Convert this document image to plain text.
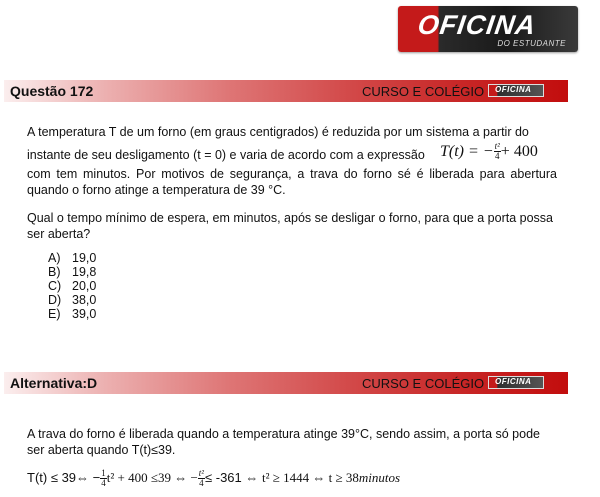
OFICINA
DO ESTUDANTE
Questão 172	CURSO E COLÉGIO OFICINA

A temperatura T de um forno (em graus centigrados) é reduzida por um sistema a partir do

instante de seu desligamento (t = 0) e varia de acordo com a expressão T(t) = − $\frac{\text{t²}}{4} + 400$

com tem minutos. Por motivos de segurança, a trava do forno sé é liberada para abertura quando o forno atinge a temperatura de 39 °C.

Qual o tempo mínimo de espera, em minutos, após se desligar o forno, para que a porta possa ser aberta?

A) 19,0
B) 19,8
C) 20,0
D) 38,0
E) 39,0
Alternativa:D	CURSO E COLÉGIO OFICINA

A trava do forno é liberada quando a temperatura atinge 39°C, sendo assim, a porta só pode ser aberta quando T(t)≤39.

T(t) ≤ 39⇔ − $\frac{1}{4} t^2 + 400 \le 39$ ⇔ − $\frac{\text{t²}}{4} \le -361$ ⇔ t² ≥ 1444 ⇔ t ≥ 38minutos
